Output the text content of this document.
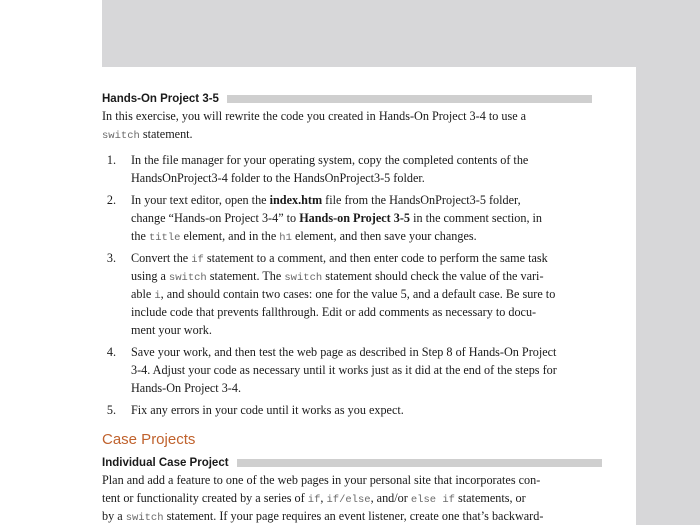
Hands-On Project 3-5
In this exercise, you will rewrite the code you created in Hands-On Project 3-4 to use a
switch statement.
1. In the file manager for your operating system, copy the completed contents of the
HandsOnProject3-4 folder to the HandsOnProject3-5 folder.
2. In your text editor, open the index.htm file from the HandsOnProject3-5 folder,
change “Hands-on Project 3-4” to Hands-on Project 3-5 in the comment section, in
the title element, and in the h1 element, and then save your changes.
3. Convert the if statement to a comment, and then enter code to perform the same task
using a switch statement. The switch statement should check the value of the vari-
able i, and should contain two cases: one for the value 5, and a default case. Be sure to
include code that prevents fallthrough. Edit or add comments as necessary to docu-
ment your work.
4. Save your work, and then test the web page as described in Step 8 of Hands-On Project
3-4. Adjust your code as necessary until it works just as it did at the end of the steps for
Hands-On Project 3-4.
5. Fix any errors in your code until it works as you expect.
Case Projects
Individual Case Project
Plan and add a feature to one of the web pages in your personal site that incorporates con-
tent or functionality created by a series of if, if/else, and/or else if statements, or
by a switch statement. If your page requires an event listener, create one that’s backward-
